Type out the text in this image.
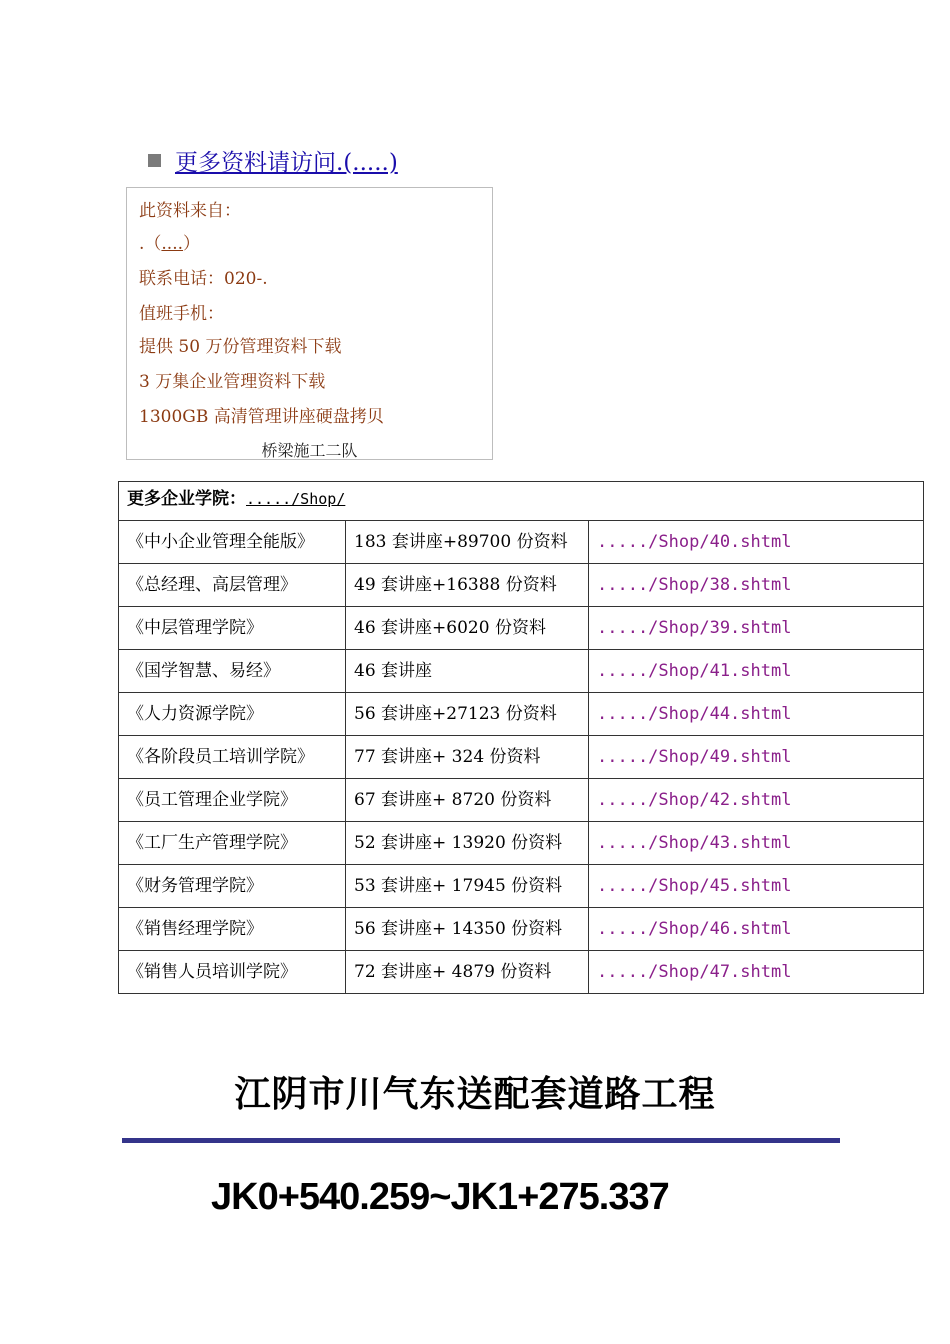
更多资料请访问.(.....)
此资料来自：
.（....）
联系电话：020-.
值班手机：
提供 50 万份管理资料下载
3 万集企业管理资料下载
1300GB 高清管理讲座硬盘拷贝
桥梁施工二队
更多企业学院：...../Shop/		
《中小企业管理全能版》	183 套讲座+89700 份资料	...../Shop/40.shtml
《总经理、高层管理》	49 套讲座+16388 份资料	...../Shop/38.shtml
《中层管理学院》	46 套讲座+6020 份资料	...../Shop/39.shtml
《国学智慧、易经》	46 套讲座	...../Shop/41.shtml
《人力资源学院》	56 套讲座+27123 份资料	...../Shop/44.shtml
《各阶段员工培训学院》	77 套讲座+ 324 份资料	...../Shop/49.shtml
《员工管理企业学院》	67 套讲座+ 8720 份资料	...../Shop/42.shtml
《工厂生产管理学院》	52 套讲座+ 13920 份资料	...../Shop/43.shtml
《财务管理学院》	53 套讲座+ 17945 份资料	...../Shop/45.shtml
《销售经理学院》	56 套讲座+ 14350 份资料	...../Shop/46.shtml
《销售人员培训学院》	72 套讲座+ 4879 份资料	...../Shop/47.shtml
江阴市川气东送配套道路工程
JK0+540.259~JK1+275.337
